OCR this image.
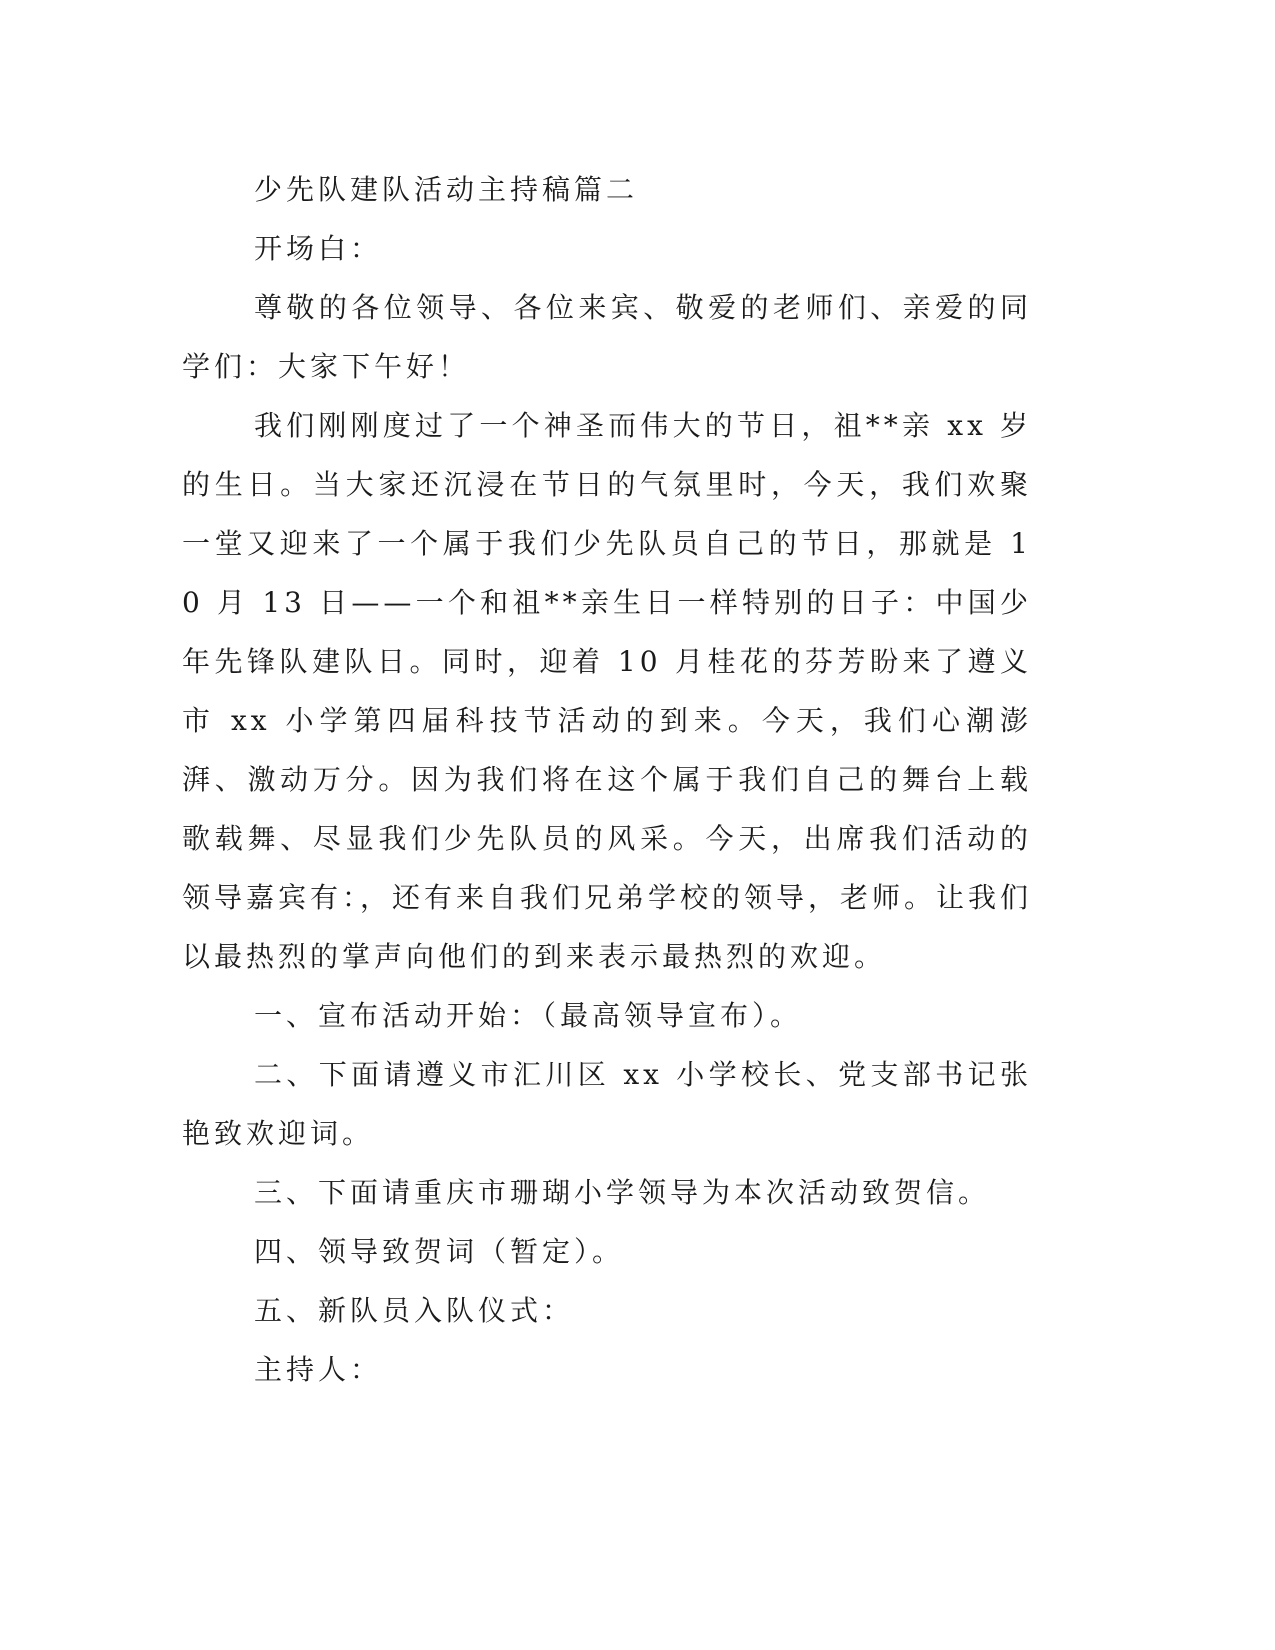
少先队建队活动主持稿篇二

开场白：

尊敬的各位领导、各位来宾、敬爱的老师们、亲爱的同学们：大家下午好！

我们刚刚度过了一个神圣而伟大的节日，祖**亲 xx 岁的生日。当大家还沉浸在节日的气氛里时，今天，我们欢聚一堂又迎来了一个属于我们少先队员自己的节日，那就是 10 月 13 日——一个和祖**亲生日一样特别的日子：中国少年先锋队建队日。同时，迎着 10 月桂花的芬芳盼来了遵义市 xx 小学第四届科技节活动的到来。今天，我们心潮澎湃、激动万分。因为我们将在这个属于我们自己的舞台上载歌载舞、尽显我们少先队员的风采。今天，出席我们活动的领导嘉宾有：，还有来自我们兄弟学校的领导，老师。让我们以最热烈的掌声向他们的到来表示最热烈的欢迎。

一、宣布活动开始：（最高领导宣布）。

二、下面请遵义市汇川区 xx 小学校长、党支部书记张艳致欢迎词。

三、下面请重庆市珊瑚小学领导为本次活动致贺信。

四、领导致贺词（暂定）。

五、新队员入队仪式：

主持人：
